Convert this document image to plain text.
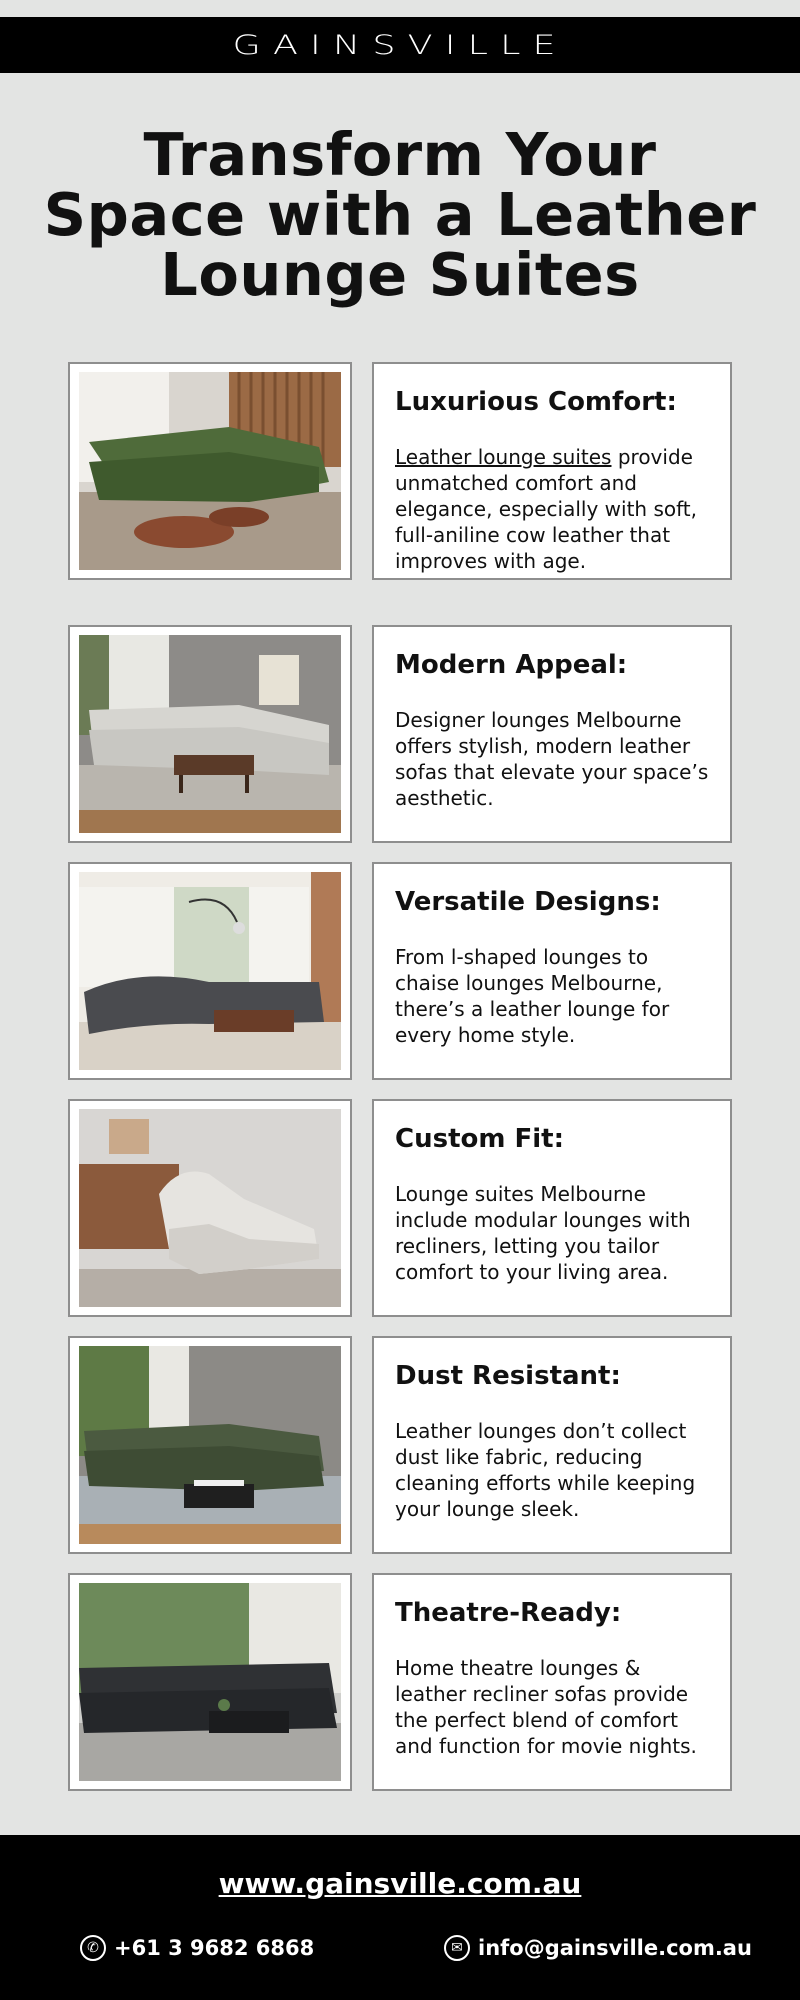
GAINSVILLE
Transform Your Space with a Leather Lounge Suites
Luxurious Comfort:

Leather lounge suites provide unmatched comfort and elegance, especially with soft, full-aniline cow leather that improves with age.

Modern Appeal:

Designer lounges Melbourne offers stylish, modern leather sofas that elevate your space’s aesthetic.

Versatile Designs:

From l-shaped lounges to chaise lounges Melbourne, there’s a leather lounge for every home style.

Custom Fit:

Lounge suites Melbourne include modular lounges with recliners, letting you tailor comfort to your living area.

Dust Resistant:

Leather lounges don’t collect dust like fabric, reducing cleaning efforts while keeping your lounge sleek.

Theatre-Ready:

Home theatre lounges & leather recliner sofas provide the perfect blend of comfort and function for movie nights.

www.gainsville.com.au
✆ +61 3 9682 6868	✉ info@gainsville.com.au
